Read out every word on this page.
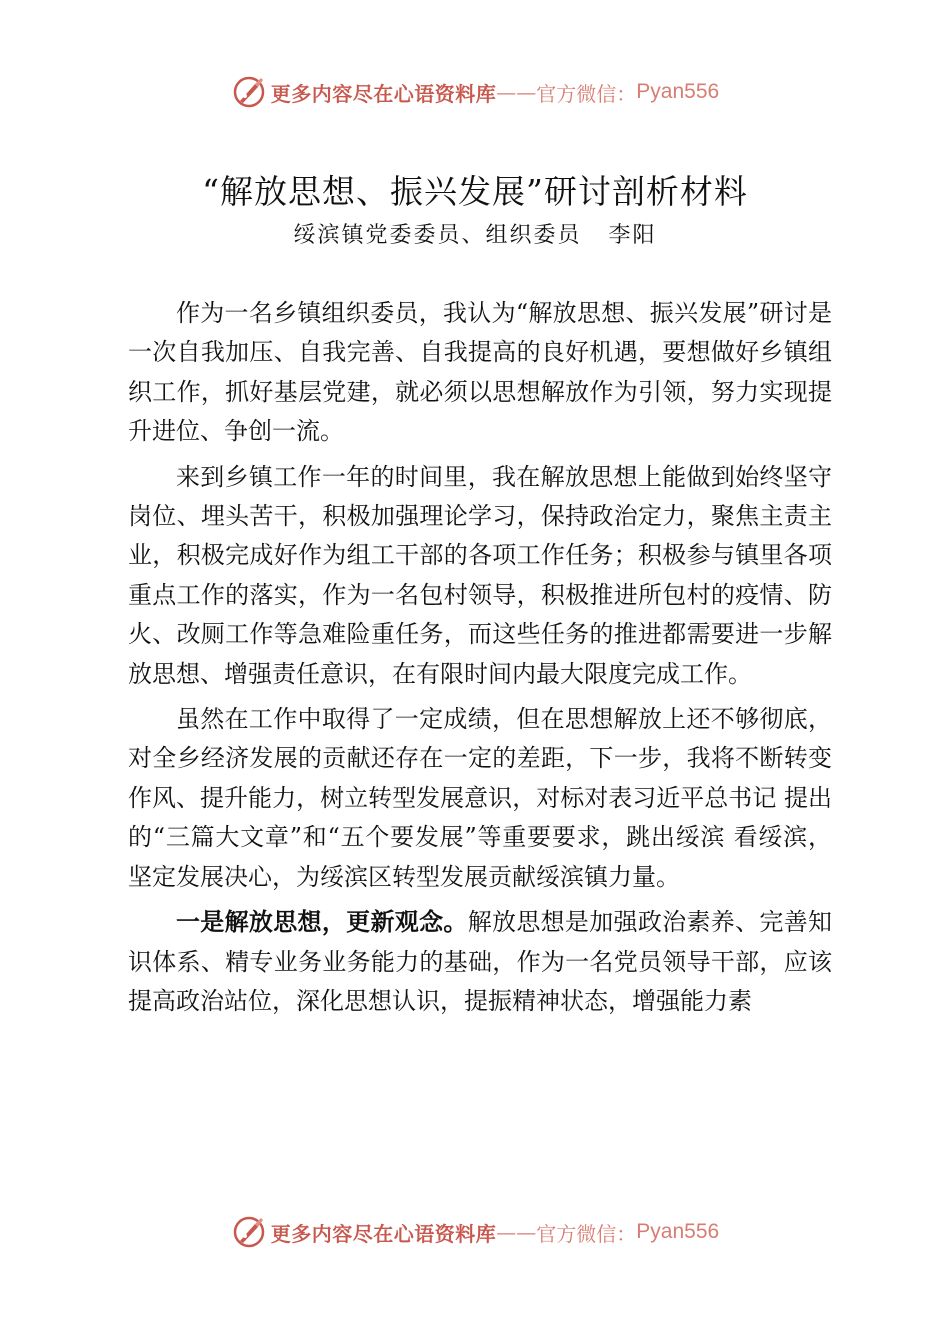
更多内容尽在心语资料库 —— 官方微信： Pyan556
“解放思想、振兴发展”研讨剖析材料
绥滨镇党委委员、组织委员   李阳

作为一名乡镇组织委员，我认为“解放思想、振兴发展”研讨是一次自我加压、自我完善、自我提高的良好机遇，要想做好乡镇组织工作，抓好基层党建，就必须以思想解放作为引领，努力实现提升进位、争创一流。

来到乡镇工作一年的时间里，我在解放思想上能做到始终坚守岗位、埋头苦干，积极加强理论学习，保持政治定力，聚焦主责主业，积极完成好作为组工干部的各项工作任务；积极参与镇里各项重点工作的落实，作为一名包村领导，积极推进所包村的疫情、防火、改厕工作等急难险重任务，而这些任务的推进都需要进一步解放思想、增强责任意识，在有限时间内最大限度完成工作。

虽然在工作中取得了一定成绩，但在思想解放上还不够彻底，对全乡经济发展的贡献还存在一定的差距，下一步，我将不断转变作风、提升能力，树立转型发展意识，对标对表习近平总书记 提出的“三篇大文章”和“五个要发展”等重要要求，跳出绥滨 看绥滨，坚定发展决心，为绥滨区转型发展贡献绥滨镇力量。

一是解放思想，更新观念。解放思想是加强政治素养、完善知识体系、精专业务业务能力的基础，作为一名党员领导干部，应该提高政治站位，深化思想认识，提振精神状态，增强能力素

更多内容尽在心语资料库 —— 官方微信： Pyan556
